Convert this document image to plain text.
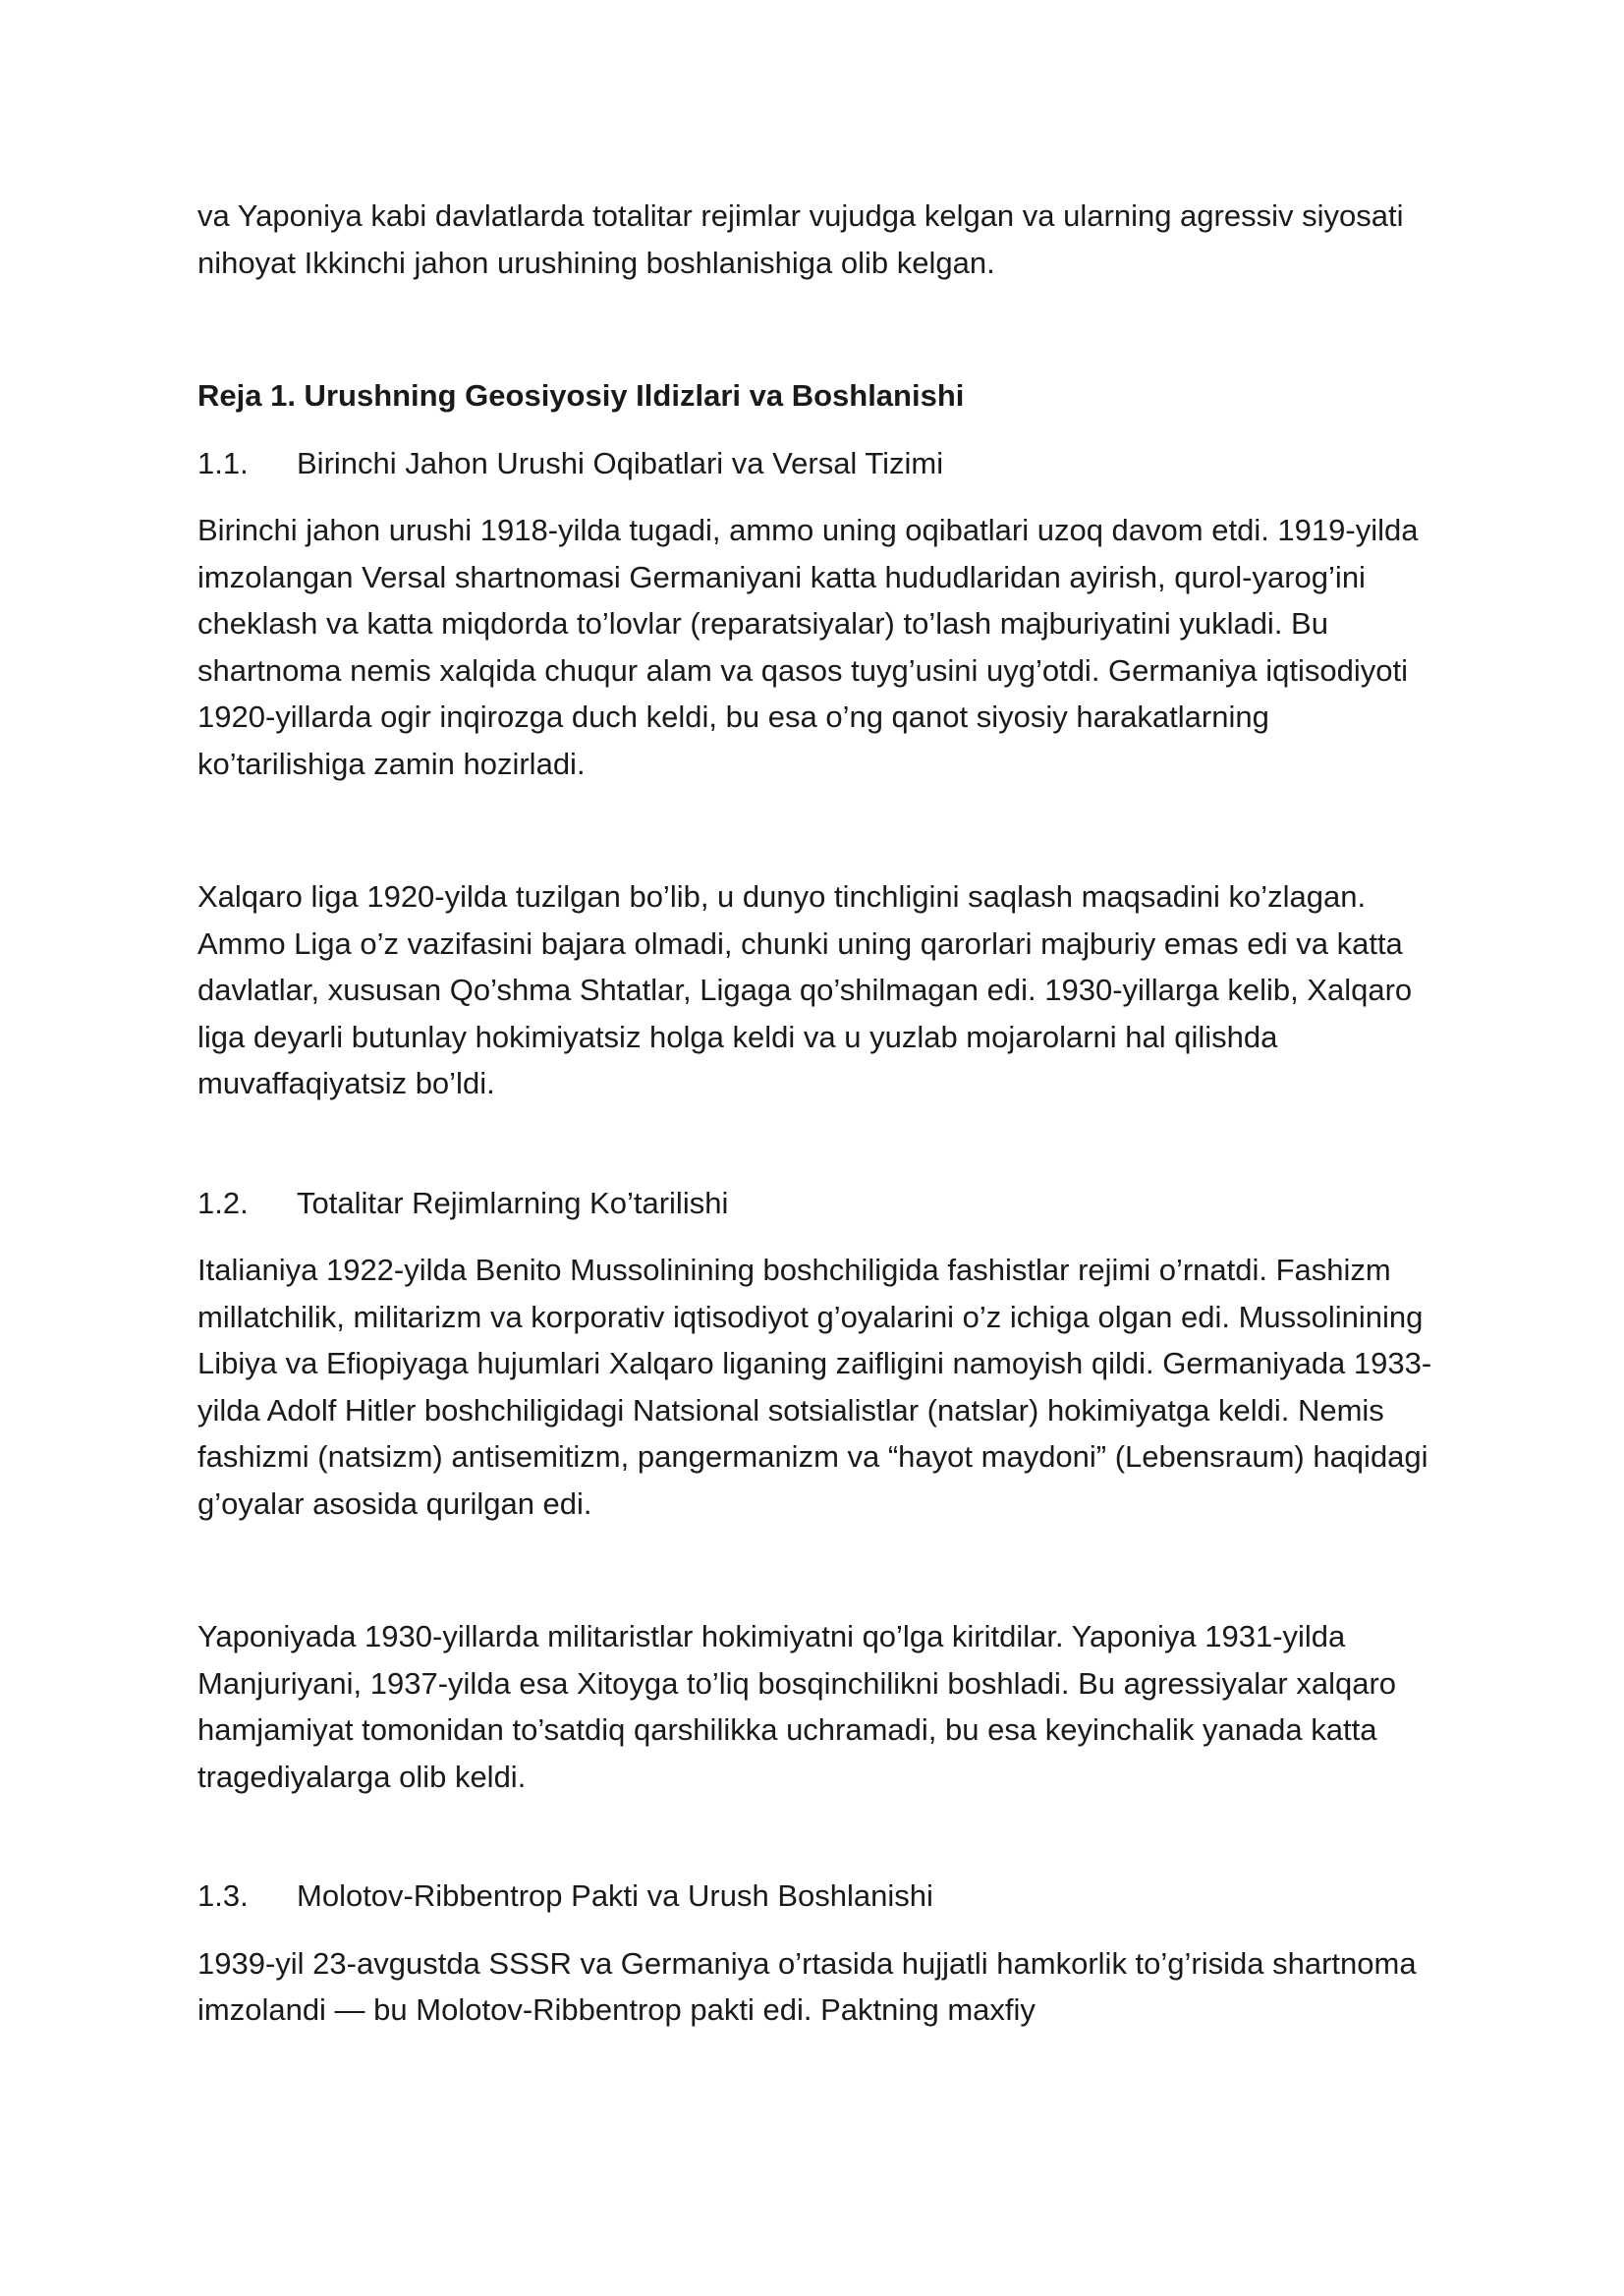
va Yaponiya kabi davlatlarda totalitar rejimlar vujudga kelgan va ularning agressiv siyosati nihoyat Ikkinchi jahon urushining boshlanishiga olib kelgan.

Reja 1. Urushning Geosiyosiy Ildizlari va Boshlanishi

1.1.	Birinchi Jahon Urushi Oqibatlari va Versal Tizimi

Birinchi jahon urushi 1918-yilda tugadi, ammo uning oqibatlari uzoq davom etdi. 1919-yilda imzolangan Versal shartnomasi Germaniyani katta hududlaridan ayirish, qurol-yarog’ini cheklash va katta miqdorda to’lovlar (reparatsiyalar) to’lash majburiyatini yukladi. Bu shartnoma nemis xalqida chuqur alam va qasos tuyg’usini uyg’otdi. Germaniya iqtisodiyoti 1920-yillarda ogir inqirozga duch keldi, bu esa o’ng qanot siyosiy harakatlarning ko’tarilishiga zamin hozirladi.

Xalqaro liga 1920-yilda tuzilgan bo’lib, u dunyo tinchligini saqlash maqsadini ko’zlagan. Ammo Liga o’z vazifasini bajara olmadi, chunki uning qarorlari majburiy emas edi va katta davlatlar, xususan Qo’shma Shtatlar, Ligaga qo’shilmagan edi. 1930-yillarga kelib, Xalqaro liga deyarli butunlay hokimiyatsiz holga keldi va u yuzlab mojarolarni hal qilishda muvaffaqiyatsiz bo’ldi.

1.2.	Totalitar Rejimlarning Ko’tarilishi

Italianiya 1922-yilda Benito Mussolinining boshchiligida fashistlar rejimi o’rnatdi. Fashizm millatchilik, militarizm va korporativ iqtisodiyot g’oyalarini o’z ichiga olgan edi. Mussolinining Libiya va Efiopiyaga hujumlari Xalqaro liganing zaifligini namoyish qildi. Germaniyada 1933-yilda Adolf Hitler boshchiligidagi Natsional sotsialistlar (natslar) hokimiyatga keldi. Nemis fashizmi (natsizm) antisemitizm, pangermanizm va “hayot maydoni” (Lebensraum) haqidagi g’oyalar asosida qurilgan edi.

Yaponiyada 1930-yillarda militaristlar hokimiyatni qo’lga kiritdilar. Yaponiya 1931-yilda Manjuriyani, 1937-yilda esa Xitoyga to’liq bosqinchilikni boshladi. Bu agressiyalar xalqaro hamjamiyat tomonidan to’satdiq qarshilikka uchramadi, bu esa keyinchalik yanada katta tragediyalarga olib keldi.

1.3.	Molotov-Ribbentrop Pakti va Urush Boshlanishi

1939-yil 23-avgustda SSSR va Germaniya o’rtasida hujjatli hamkorlik to’g’risida shartnoma imzolandi — bu Molotov-Ribbentrop pakti edi. Paktning maxfiy
